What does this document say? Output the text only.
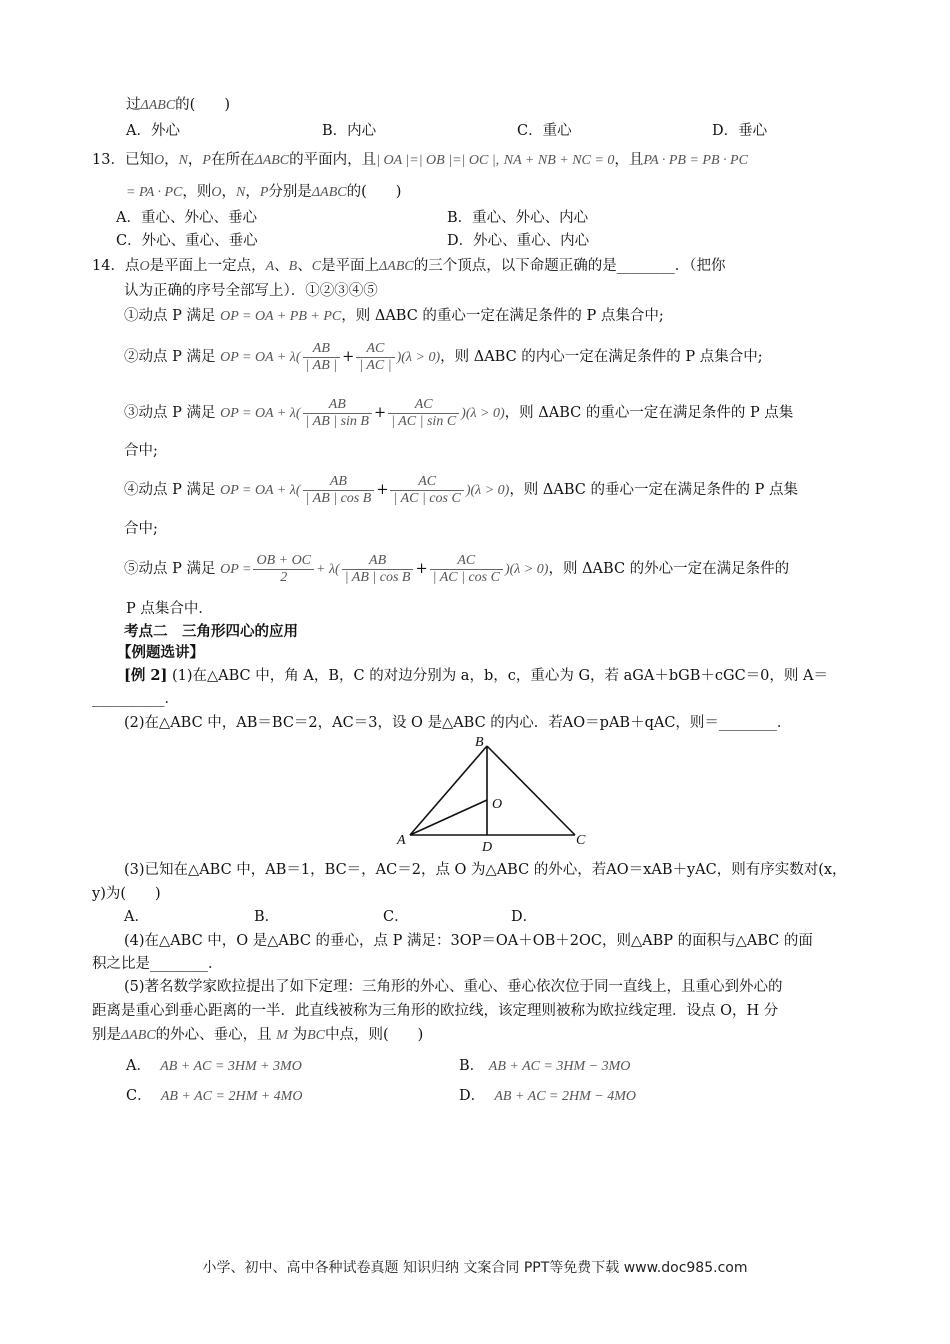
过ΔABC的(　　)
A．外心	B．内心	C．重心	D．垂心
13．已知O，N，P在所在ΔABC的平面内，且| OA |=| OB |=| OC |, NA + NB + NC = 0，且PA · PB = PB · PC
= PA · PC，则O，N，P分别是ΔABC的(　　)
A．重心、外心、垂心	B．重心、外心、内心
C．外心、重心、垂心	D．外心、重心、内心
14．点O是平面上一定点，A、B、C是平面上ΔABC的三个顶点，以下命题正确的是________．（把你
认为正确的序号全部写上）．①②③④⑤
①动点 P 满足 OP = OA + PB + PC，则 ΔABC 的重心一定在满足条件的 P 点集合中;
②动点 P 满足 OP = OA + $\lambda( \frac{AB}{| AB |} + \frac{AC}{| AC |} )(\lambda > 0)$，则 ΔABC 的内心一定在满足条件的 P 点集合中;
③动点 P 满足 OP = OA + $\lambda( \frac{AB}{\text{| AB | sin B}} + \frac{AC}{\text{| AC | sin C}} )(\lambda > 0)$，则 ΔABC 的重心一定在满足条件的 P 点集
合中;
④动点 P 满足 OP = OA + $\lambda( \frac{AB}{\text{| AB | cos B}} + \frac{AC}{\text{| AC | cos C}} )(\lambda > 0)$，则 ΔABC 的垂心一定在满足条件的 P 点集
合中;
⑤动点 P 满足 OP = $\frac{OB + OC}{2} + \lambda( \frac{AB}{\text{| AB | cos B}} + \frac{AC}{\text{| AC | cos C}} )(\lambda > 0)$，则 ΔABC 的外心一定在满足条件的
P 点集合中．
考点二　三角形四心的应用
【例题选讲】
[例 2] (1)在△ABC 中，角 A，B，C 的对边分别为 a，b，c，重心为 G，若 aGA＋bGB＋cGC＝0，则 A＝
__________．
(2)在△ABC 中，AB＝BC＝2，AC＝3，设 O 是△ABC 的内心．若AO＝pAB＋qAC，则＝________．
B
O
A	D	C
(3)已知在△ABC 中，AB＝1，BC＝，AC＝2，点 O 为△ABC 的外心，若AO＝xAB＋yAC，则有序实数对(x，
y)为(　　)
A．	B．	C．	D．
(4)在△ABC 中，O 是△ABC 的垂心，点 P 满足：3OP＝OA＋OB＋2OC，则△ABP 的面积与△ABC 的面
积之比是________．
(5)著名数学家欧拉提出了如下定理：三角形的外心、重心、垂心依次位于同一直线上，且重心到外心的
距离是重心到垂心距离的一半．此直线被称为三角形的欧拉线，该定理则被称为欧拉线定理．设点 O，H 分
别是ΔABC的外心、垂心，且 M 为BC中点，则(　　)
A． AB + AC = 3HM + 3MO	B． AB + AC = 3HM − 3MO
C． AB + AC = 2HM + 4MO	D． AB + AC = 2HM − 4MO
小学、初中、高中各种试卷真题 知识归纳 文案合同 PPT等免费下载 www.doc985.com
